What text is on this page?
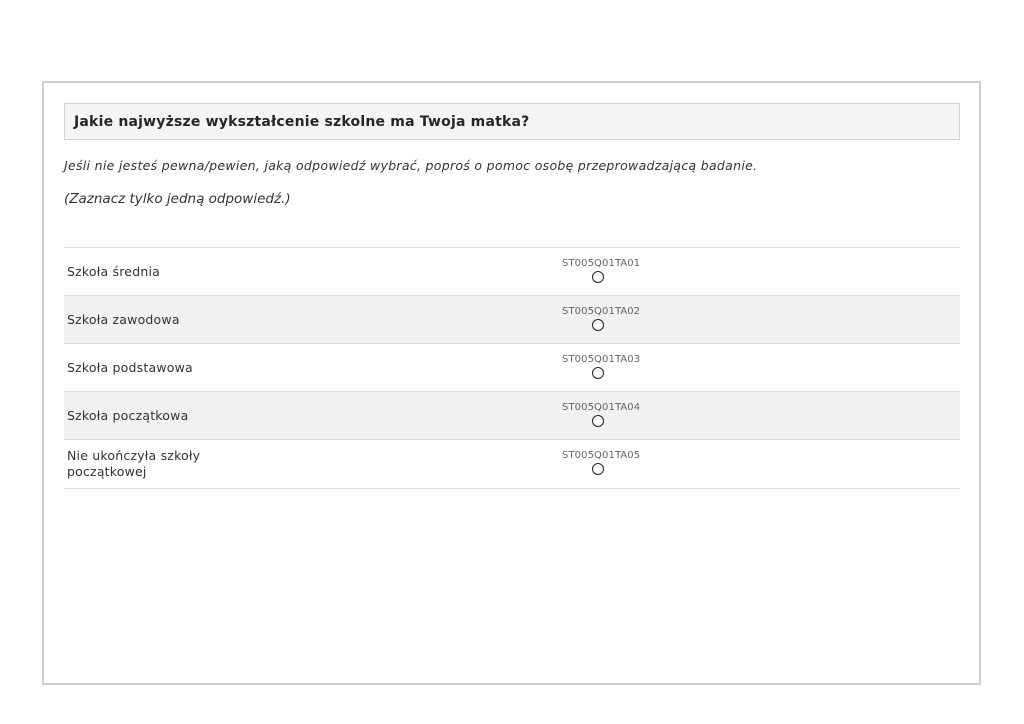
Jakie najwyższe wykształcenie szkolne ma Twoja matka?
Jeśli nie jesteś pewna/pewien, jaką odpowiedź wybrać, poproś o pomoc osobę przeprowadzającą badanie.
(Zaznacz tylko jedną odpowiedź.)
Szkoła średnia	ST005Q01TA01
Szkoła zawodowa	ST005Q01TA02
Szkoła podstawowa	ST005Q01TA03
Szkoła początkowa	ST005Q01TA04
Nie ukończyła szkoły początkowej
ST005Q01TA05
